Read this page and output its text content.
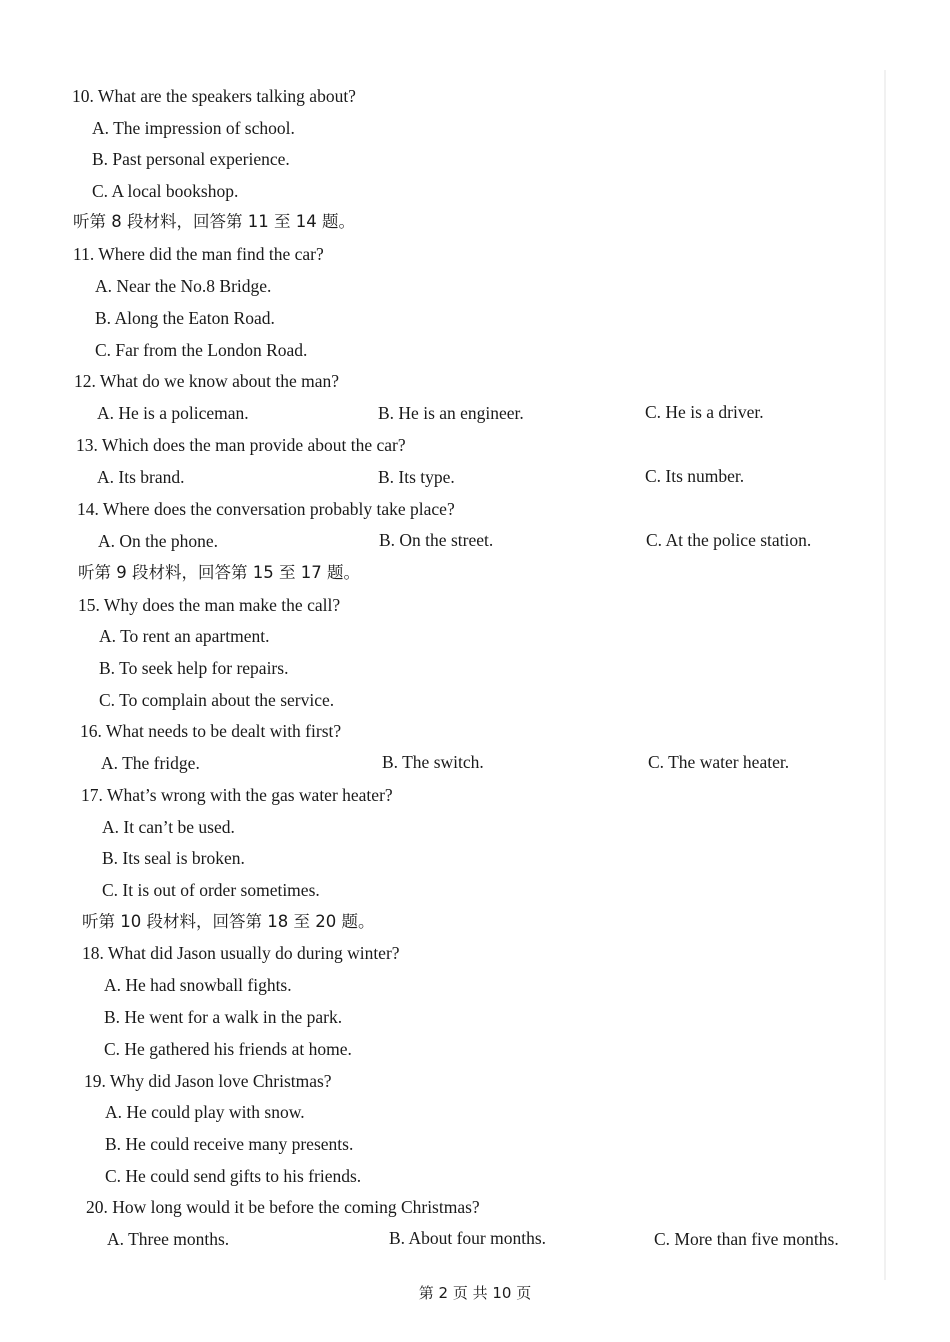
10. What are the speakers talking about?
A. The impression of school.
B. Past personal experience.
C. A local bookshop.
听第 8 段材料，回答第 11 至 14 题。
11. Where did the man find the car?
A. Near the No.8 Bridge.
B. Along the Eaton Road.
C. Far from the London Road.
12. What do we know about the man?
A. He is a policeman.	B. He is an engineer.	C. He is a driver.
13. Which does the man provide about the car?
A. Its brand.	B. Its type.	C. Its number.
14. Where does the conversation probably take place?
A. On the phone.	B. On the street.	C. At the police station.
听第 9 段材料，回答第 15 至 17 题。
15. Why does the man make the call?
A. To rent an apartment.
B. To seek help for repairs.
C. To complain about the service.
16. What needs to be dealt with first?
A. The fridge.	B. The switch.	C. The water heater.
17. What’s wrong with the gas water heater?
A. It can’t be used.
B. Its seal is broken.
C. It is out of order sometimes.
听第 10 段材料，回答第 18 至 20 题。
18. What did Jason usually do during winter?
A. He had snowball fights.
B. He went for a walk in the park.
C. He gathered his friends at home.
19. Why did Jason love Christmas?
A. He could play with snow.
B. He could receive many presents.
C. He could send gifts to his friends.
20. How long would it be before the coming Christmas?
A. Three months.	B. About four months.	C. More than five months.
第 2 页 共 10 页
